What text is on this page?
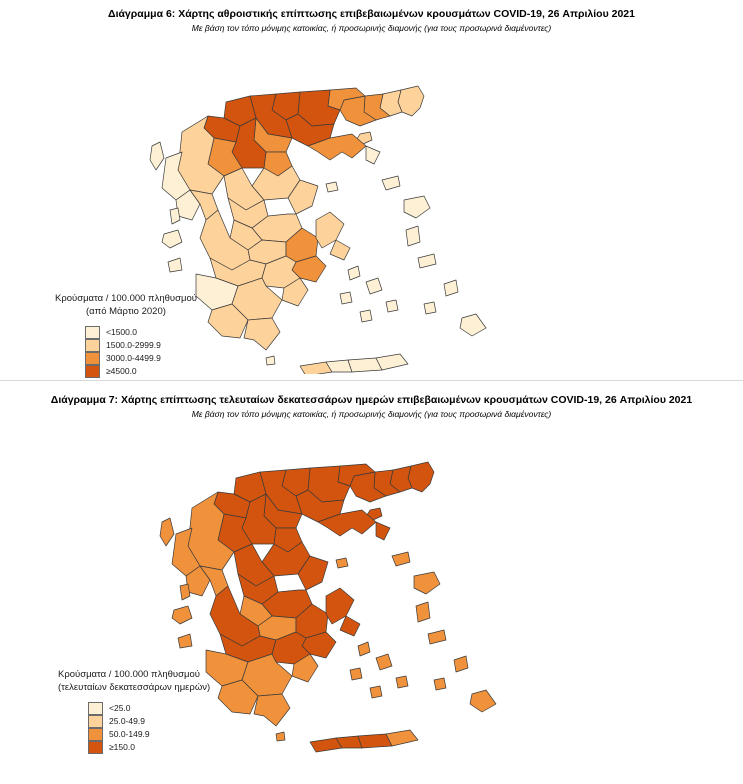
Διάγραμμα 6: Χάρτης αθροιστικής επίπτωσης επιβεβαιωμένων κρουσμάτων COVID-19, 26 Απριλίου 2021
Με βάση τον τόπο μόνιμης κατοικίας, ή προσωρινής διαμονής (για τους προσωρινά διαμένοντες)
Κρούσματα / 100.000 πληθυσμού
(από Μάρτιο 2020)
<1500.0
1500.0-2999.9
3000.0-4499.9
≥4500.0
Διάγραμμα 7: Χάρτης επίπτωσης τελευταίων δεκατεσσάρων ημερών επιβεβαιωμένων κρουσμάτων COVID-19, 26 Απριλίου 2021
Με βάση τον τόπο μόνιμης κατοικίας, ή προσωρινής διαμονής (για τους προσωρινά διαμένοντες)
Κρούσματα / 100.000 πληθυσμού
(τελευταίων δεκατεσσάρων ημερών)
<25.0
25.0-49.9
50.0-149.9
≥150.0
